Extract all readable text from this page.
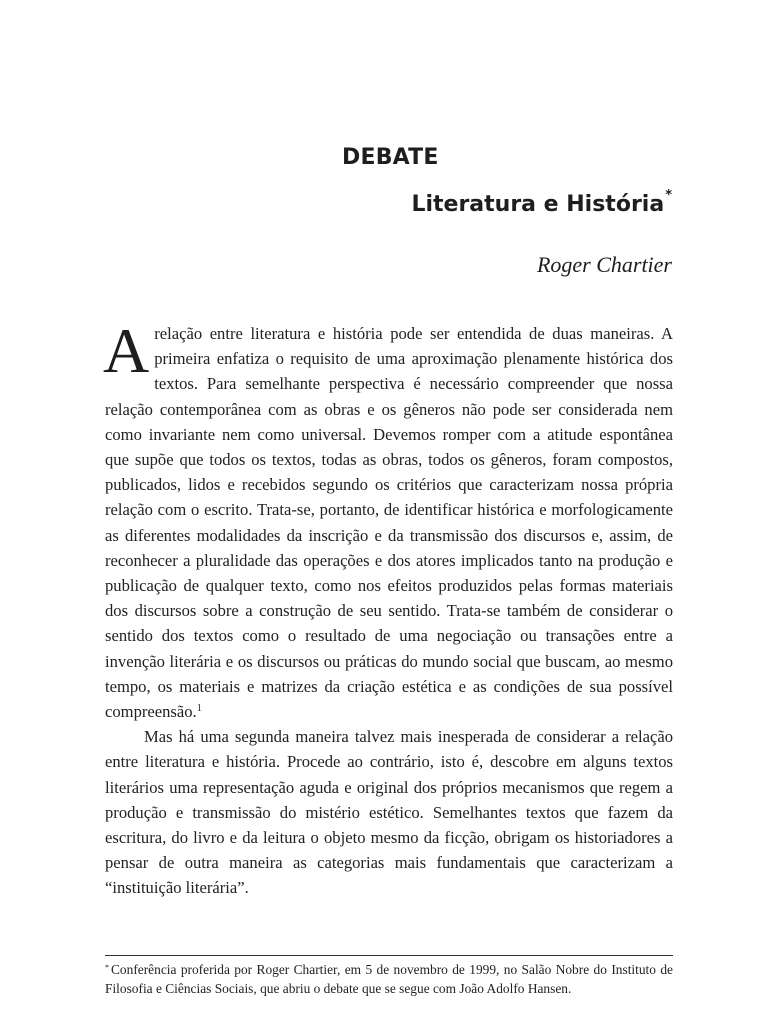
DEBATE
Literatura e História*
Roger Chartier

A relação entre literatura e história pode ser entendida de duas maneiras. A primeira enfatiza o requisito de uma aproximação plenamente histórica dos textos. Para semelhante perspectiva é necessário compreender que nossa relação contemporânea com as obras e os gêneros não pode ser considerada nem como invariante nem como universal. Devemos romper com a atitude espontânea que supõe que todos os textos, todas as obras, todos os gêneros, foram compostos, publicados, lidos e recebidos segundo os critérios que caracterizam nossa própria relação com o escrito. Trata-se, portanto, de identificar histórica e morfologicamente as diferentes modalidades da inscrição e da transmissão dos discursos e, assim, de reconhecer a pluralidade das operações e dos atores implicados tanto na produção e publicação de qualquer texto, como nos efeitos produzidos pelas formas materiais dos discursos sobre a construção de seu sentido. Trata-se também de considerar o sentido dos textos como o resultado de uma negociação ou transações entre a invenção literária e os discursos ou práticas do mundo social que buscam, ao mesmo tempo, os materiais e matrizes da criação estética e as condições de sua possível compreensão.$^1$

Mas há uma segunda maneira talvez mais inesperada de considerar a relação entre literatura e história. Procede ao contrário, isto é, descobre em alguns textos literários uma representação aguda e original dos próprios mecanismos que regem a produção e transmissão do mistério estético. Semelhantes textos que fazem da escritura, do livro e da leitura o objeto mesmo da ficção, obrigam os historiadores a pensar de outra maneira as categorias mais fundamentais que caracterizam a “instituição literária”.

* Conferência proferida por Roger Chartier, em 5 de novembro de 1999, no Salão Nobre do Instituto de Filosofia e Ciências Sociais, que abriu o debate que se segue com João Adolfo Hansen.
